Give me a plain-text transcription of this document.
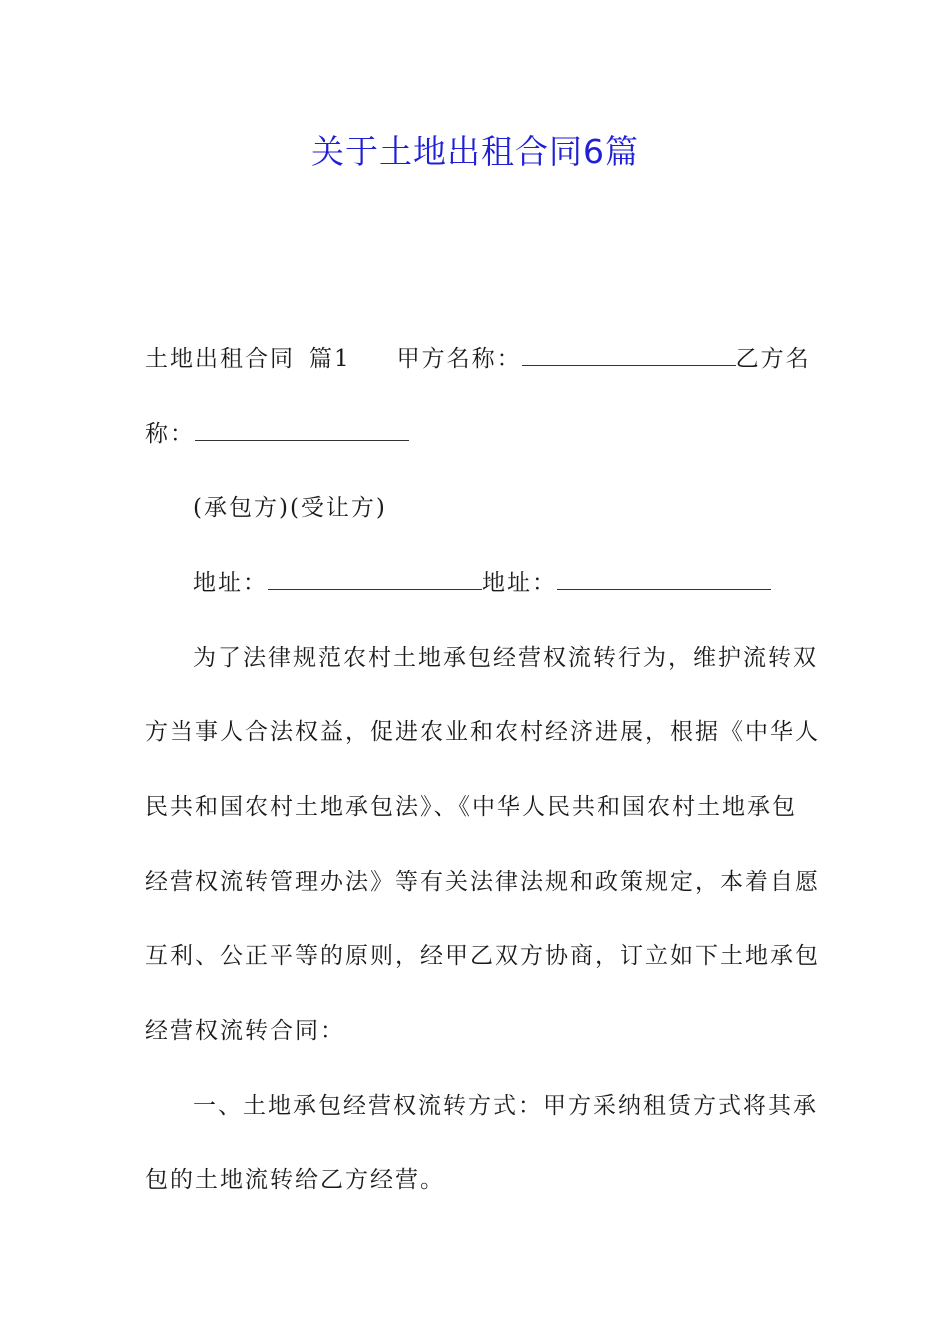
关于土地出租合同6篇
土地出租合同 篇1 甲方名称：	乙方名
称：
(承包方)(受让方)
地址：	地址：
为了法律规范农村土地承包经营权流转行为，维护流转双
方当事人合法权益，促进农业和农村经济进展，根据《中华人
民共和国农村土地承包法》、《中华人民共和国农村土地承包
经营权流转管理办法》等有关法律法规和政策规定，本着自愿
互利、公正平等的原则，经甲乙双方协商，订立如下土地承包
经营权流转合同：
一、土地承包经营权流转方式：甲方采纳租赁方式将其承
包的土地流转给乙方经营。
